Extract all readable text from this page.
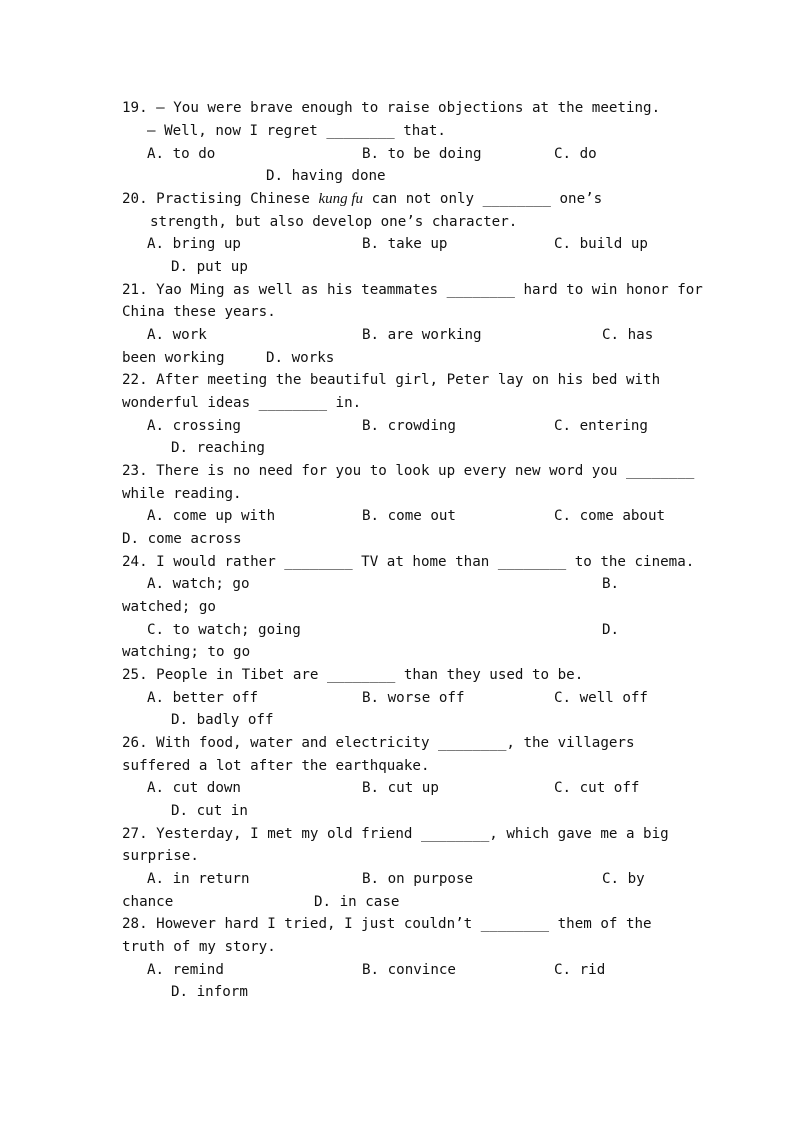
19. — You were brave enough to raise objections at the meeting.
— Well, now I regret ________ that.
A. to do	B. to be doing	C. do
D. having done
20. Practising Chinese kung fu can not only ________ one’s
strength, but also develop one’s character.
A. bring up	B. take up	C. build up
D. put up
21. Yao Ming as well as his teammates ________ hard to win honor for
China these years.
A. work	B. are working	C. has
been working	D. works
22. After meeting the beautiful girl, Peter lay on his bed with
wonderful ideas ________ in.
A. crossing	B. crowding	C. entering
D. reaching
23. There is no need for you to look up every new word you ________
while reading.
A. come up with	B. come out	C. come about
D. come across
24. I would rather ________ TV at home than ________ to the cinema.
A. watch; go	B.
watched; go
C. to watch; going	D.
watching; to go
25. People in Tibet are ________ than they used to be.
A. better off	B. worse off	C. well off
D. badly off
26. With food, water and electricity ________, the villagers
suffered a lot after the earthquake.
A. cut down	B. cut up	C. cut off
D. cut in
27. Yesterday, I met my old friend ________, which gave me a big
surprise.
A. in return	B. on purpose	C. by
chance	D. in case
28. However hard I tried, I just couldn’t ________ them of the
truth of my story.
A. remind	B. convince	C. rid
D. inform
